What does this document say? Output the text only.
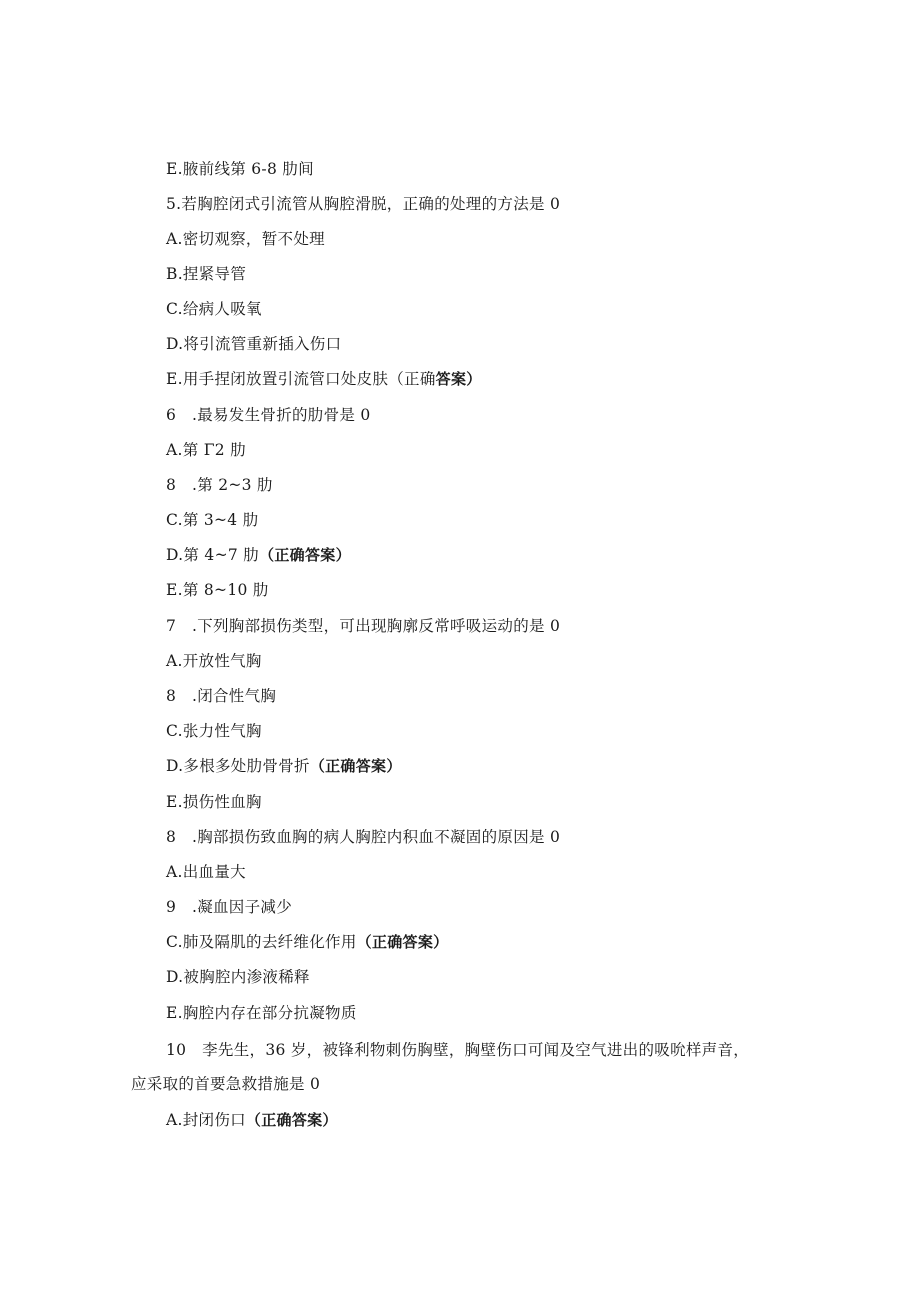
E.腋前线第 6-8 肋间
5.若胸腔闭式引流管从胸腔滑脱，正确的处理的方法是 0
A.密切观察，暂不处理
B.捏紧导管
C.给病人吸氧
D.将引流管重新插入伤口
E.用手捏闭放置引流管口处皮肤（正确答案）
6　.最易发生骨折的肋骨是 0
A.第 Γ2 肋
8　.第 2~3 肋
C.第 3~4 肋
D.第 4~7 肋（正确答案）
E.第 8~10 肋
7　.下列胸部损伤类型，可出现胸廓反常呼吸运动的是 0
A.开放性气胸
8　.闭合性气胸
C.张力性气胸
D.多根多处肋骨骨折（正确答案）
E.损伤性血胸
8　.胸部损伤致血胸的病人胸腔内积血不凝固的原因是 0
A.出血量大
9　.凝血因子减少
C.肺及隔肌的去纤维化作用（正确答案）
D.被胸腔内渗液稀释
E.胸腔内存在部分抗凝物质
10　李先生，36 岁，被锋利物刺伤胸壁，胸壁伤口可闻及空气进出的吸吮样声音，
应采取的首要急救措施是 0
A.封闭伤口（正确答案）
